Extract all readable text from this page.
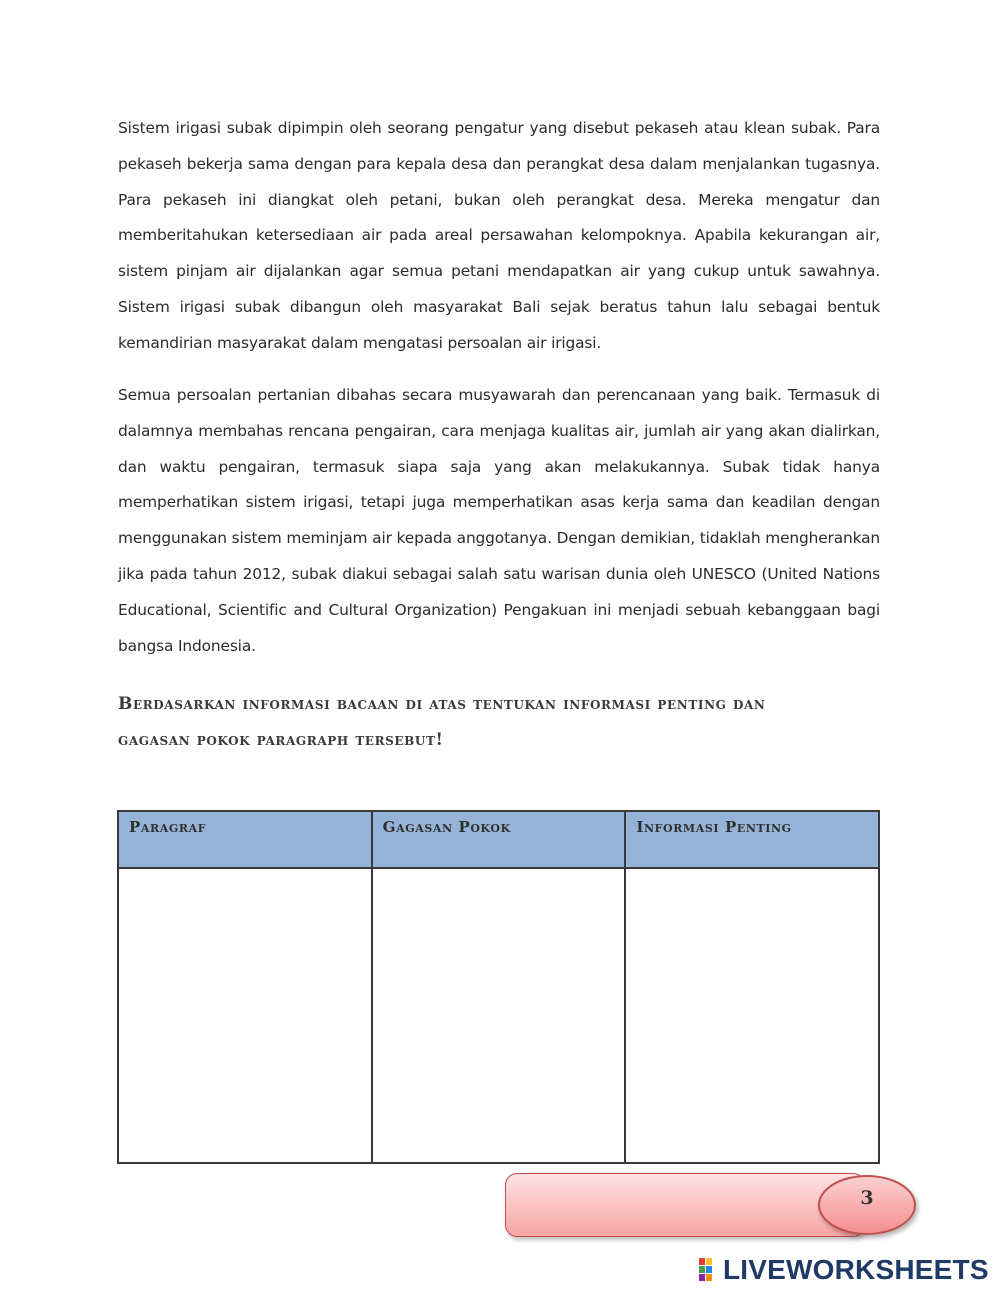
Sistem irigasi subak dipimpin oleh seorang pengatur yang disebut pekaseh atau klean subak. Para pekaseh bekerja sama dengan para kepala desa dan perangkat desa dalam menjalankan tugasnya. Para pekaseh ini diangkat oleh petani, bukan oleh perangkat desa. Mereka mengatur dan memberitahukan ketersediaan air pada areal persawahan kelompoknya. Apabila kekurangan air, sistem pinjam air dijalankan agar semua petani mendapatkan air yang cukup untuk sawahnya. Sistem irigasi subak dibangun oleh masyarakat Bali sejak beratus tahun lalu sebagai bentuk kemandirian masyarakat dalam mengatasi persoalan air irigasi.

Semua persoalan pertanian dibahas secara musyawarah dan perencanaan yang baik. Termasuk di dalamnya membahas rencana pengairan, cara menjaga kualitas air, jumlah air yang akan dialirkan, dan waktu pengairan, termasuk siapa saja yang akan melakukannya. Subak tidak hanya memperhatikan sistem irigasi, tetapi juga memperhatikan asas kerja sama dan keadilan dengan menggunakan sistem meminjam air kepada anggotanya. Dengan demikian, tidaklah mengherankan jika pada tahun 2012, subak diakui sebagai salah satu warisan dunia oleh UNESCO (United Nations Educational, Scientific and Cultural Organization) Pengakuan ini menjadi sebuah kebanggaan bagi bangsa Indonesia.

Berdasarkan informasi bacaan di atas tentukan informasi penting dan
gagasan pokok paragraph tersebut!
Paragraf	Gagasan Pokok	Informasi Penting
3
LIVEWORKSHEETS
